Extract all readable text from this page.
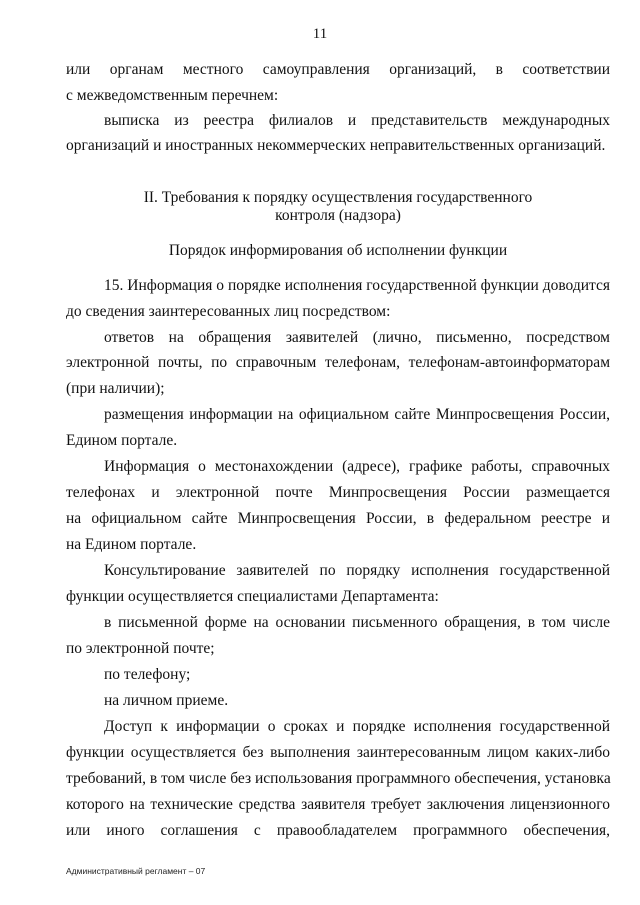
11
или органам местного самоуправления организаций, в соответствии
с межведомственным перечнем:
выписка из реестра филиалов и представительств международных
организаций и иностранных некоммерческих неправительственных организаций.
II. Требования к порядку осуществления государственного
контроля (надзора)
Порядок информирования об исполнении функции
15. Информация о порядке исполнения государственной функции доводится
до сведения заинтересованных лиц посредством:
ответов на обращения заявителей (лично, письменно, посредством
электронной почты, по справочным телефонам, телефонам-автоинформаторам
(при наличии);
размещения информации на официальном сайте Минпросвещения России,
Едином портале.
Информация о местонахождении (адресе), графике работы, справочных
телефонах и электронной почте Минпросвещения России размещается
на официальном сайте Минпросвещения России, в федеральном реестре и
на Едином портале.
Консультирование заявителей по порядку исполнения государственной
функции осуществляется специалистами Департамента:
в письменной форме на основании письменного обращения, в том числе
по электронной почте;
по телефону;
на личном приеме.
Доступ к информации о сроках и порядке исполнения государственной
функции осуществляется без выполнения заинтересованным лицом каких-либо
требований, в том числе без использования программного обеспечения, установка
которого на технические средства заявителя требует заключения лицензионного
или иного соглашения с правообладателем программного обеспечения,
Административный регламент – 07
